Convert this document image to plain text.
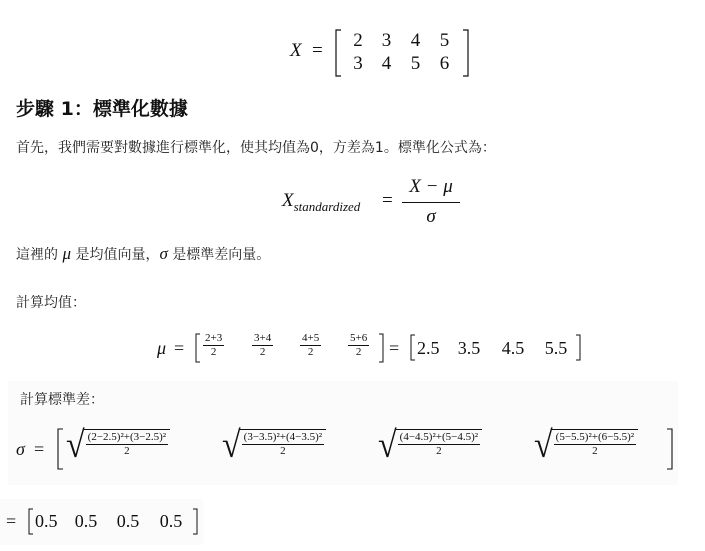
X =	2 3 4 5
3 4 5 6
步驟 1：標準化數據
首先，我們需要對數據進行標準化，使其均值為0，方差為1。標準化公式為：
$X_{standardized} = \frac{X - \mu}{\sigma}$
這裡的 μ 是均值向量，σ 是標準差向量。
計算均值：
$\mu = \frac{2+3}{2}$	$\frac{3+4}{2} \frac{4+5}{2} \frac{5+6}{2} = 2.5$ 3.5 4.5 5.5
計算標準差：
σ = √ $\frac{\text{(2−2.5)²+(3−2.5)²}}{2}$ √ $\frac{\text{(3−3.5)²+(4−3.5)²}}{2}$ √ $\frac{\text{(4−4.5)²+(5−4.5)²}}{2}$ √ $\frac{\text{(5−5.5)²+(6−5.5)²}}{2}$
= 0.5 0.5 0.5 0.5
